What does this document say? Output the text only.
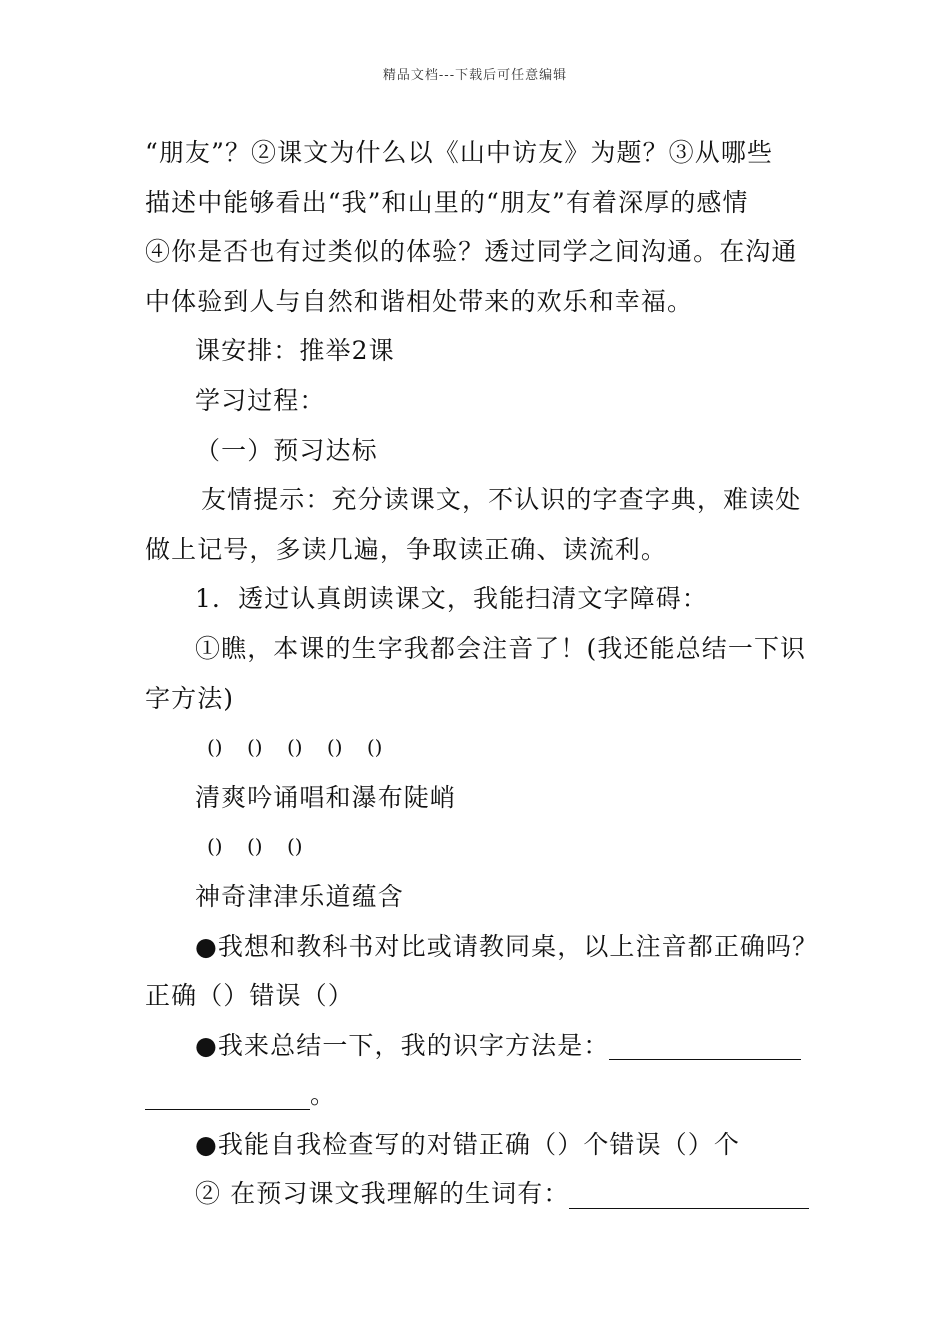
精品文档---下载后可任意编辑
“朋友”？②课文为什么以《山中访友》为题？③从哪些
描述中能够看出“我”和山里的“朋友”有着深厚的感情
④你是否也有过类似的体验？透过同学之间沟通。在沟通
中体验到人与自然和谐相处带来的欢乐和幸福。
课安排：推举2课
学习过程：
（一）预习达标
友情提示：充分读课文，不认识的字查字典，难读处
做上记号，多读几遍，争取读正确、读流利。
1．透过认真朗读课文，我能扫清文字障碍：
①瞧，本课的生字我都会注音了！(我还能总结一下识
字方法)
() () () () ()
清爽吟诵唱和瀑布陡峭
() () ()
神奇津津乐道蕴含
●我想和教科书对比或请教同桌，以上注音都正确吗？
正确（）错误（）
●我来总结一下，我的识字方法是：
。
●我能自我检查写的对错正确（）个错误（）个
② 在预习课文我理解的生词有：
